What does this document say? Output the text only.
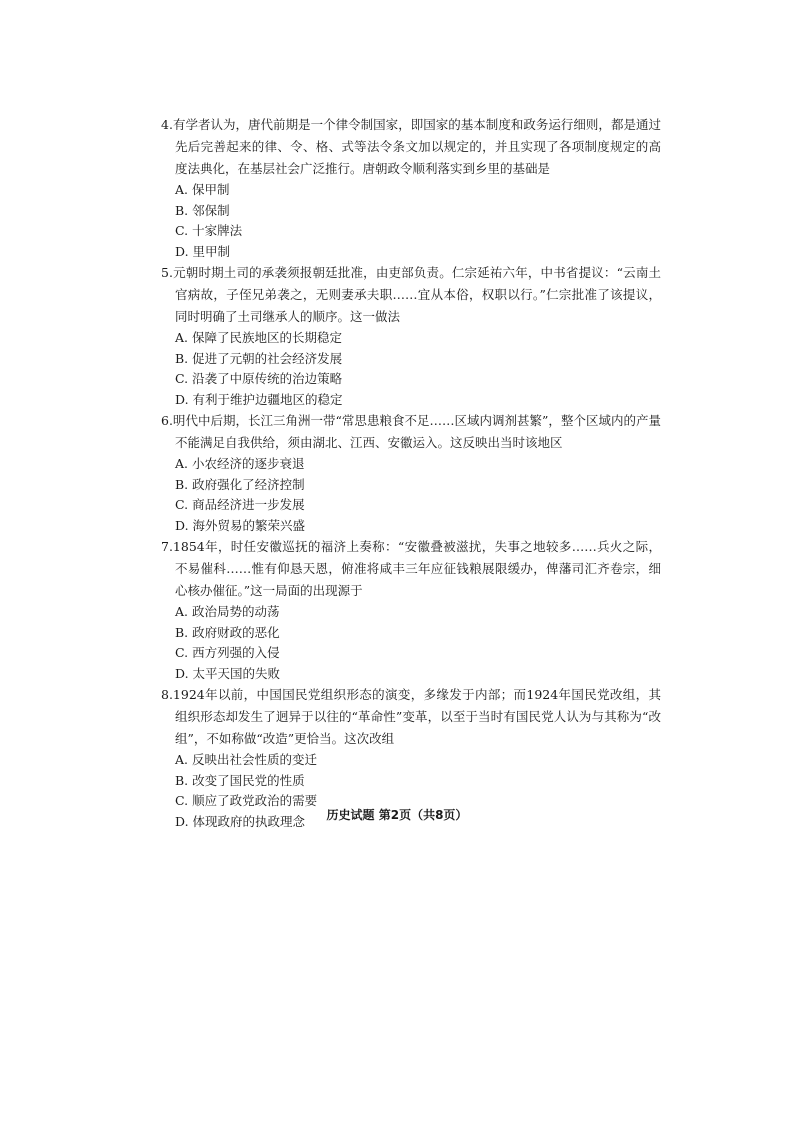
4.有学者认为，唐代前期是一个律令制国家，即国家的基本制度和政务运行细则，都是通过先后完善起来的律、令、格、式等法令条文加以规定的，并且实现了各项制度规定的高度法典化，在基层社会广泛推行。唐朝政令顺利落实到乡里的基础是

A. 保甲制
B. 邻保制
C. 十家牌法
D. 里甲制

5.元朝时期土司的承袭须报朝廷批准，由吏部负责。仁宗延祐六年，中书省提议：“云南土官病故，子侄兄弟袭之，无则妻承夫职……宜从本俗，权职以行。”仁宗批准了该提议，同时明确了土司继承人的顺序。这一做法

A. 保障了民族地区的长期稳定
B. 促进了元朝的社会经济发展
C. 沿袭了中原传统的治边策略
D. 有利于维护边疆地区的稳定

6.明代中后期，长江三角洲一带“常思患粮食不足……区域内调剂甚繁”，整个区域内的产量不能满足自我供给，须由湖北、江西、安徽运入。这反映出当时该地区

A. 小农经济的逐步衰退
B. 政府强化了经济控制
C. 商品经济进一步发展
D. 海外贸易的繁荣兴盛

7.1854年，时任安徽巡抚的福济上奏称：“安徽叠被滋扰，失事之地较多……兵火之际，不易催科……惟有仰恳天恩，俯准将咸丰三年应征钱粮展限缓办，俾藩司汇齐卷宗，细心核办催征。”这一局面的出现源于

A. 政治局势的动荡
B. 政府财政的恶化
C. 西方列强的入侵
D. 太平天国的失败

8.1924年以前，中国国民党组织形态的演变，多缘发于内部；而1924年国民党改组，其组织形态却发生了迥异于以往的“革命性”变革，以至于当时有国民党人认为与其称为“改组”，不如称做“改造”更恰当。这次改组

A. 反映出社会性质的变迁
B. 改变了国民党的性质
C. 顺应了政党政治的需要
D. 体现政府的执政理念	历史试题 第2页（共8页）
